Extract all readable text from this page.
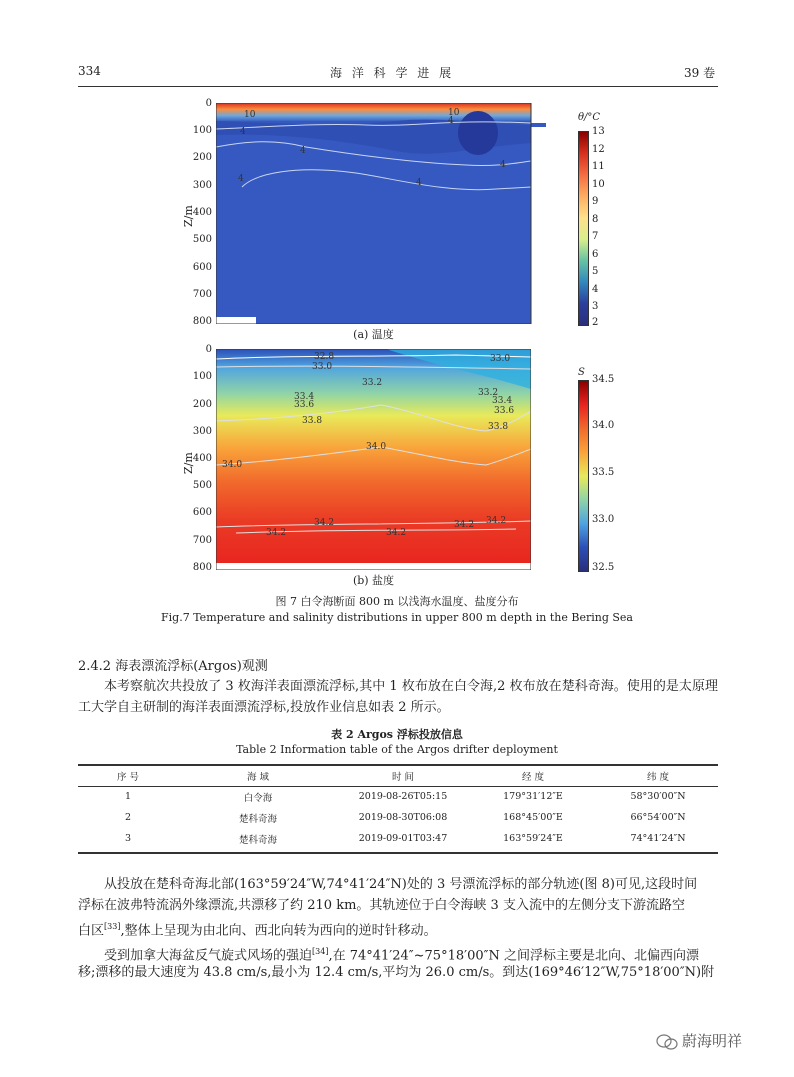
334	海 洋 科 学 进 展	39 卷
Z/m
0
100
200
300
400
500
600
700
800
10	10
4
4
4
4
4	4
θ/°C
13
12
11
10
9
8
7
6
5
4
3
2
(a) 温度
Z/m
0
100
200
300
400
500
600
700
800
32.8
33.0
33.0
33.2
33.4
33.6
33.8
33.2
33.4
33.6
33.8
34.0
34.0
34.2	34.2 34.2
34.2	34.2
S
34.5
34.0
33.5
33.0
32.5
(b) 盐度
图 7 白令海断面 800 m 以浅海水温度、盐度分布
Fig.7 Temperature and salinity distributions in upper 800 m depth in the Bering Sea
2.4.2 海表漂流浮标(Argos)观测
本考察航次共投放了 3 枚海洋表面漂流浮标,其中 1 枚布放在白令海,2 枚布放在楚科奇海。使用的是太原理工大学自主研制的海洋表面漂流浮标,投放作业信息如表 2 所示。
表 2 Argos 浮标投放信息
Table 2 Information table of the Argos drifter deployment
序 号	海 域	时 间	经 度	纬 度
1	白令海	2019-08-26T05:15	179°31′12″E	58°30′00″N
2	楚科奇海	2019-08-30T06:08	168°45′00″E	66°54′00″N
3	楚科奇海	2019-09-01T03:47	163°59′24″E	74°41′24″N
从投放在楚科奇海北部(163°59′24″W,74°41′24″N)处的 3 号漂流浮标的部分轨迹(图 8)可见,这段时间
浮标在波弗特流涡外缘漂流,共漂移了约 210 km。其轨迹位于白令海峡 3 支入流中的左侧分支下游流路空
白区[33],整体上呈现为由北向、西北向转为西向的逆时针移动。
受到加拿大海盆反气旋式风场的强迫[34],在 74°41′24″~75°18′00″N 之间浮标主要是北向、北偏西向漂
移;漂移的最大速度为 43.8 cm/s,最小为 12.4 cm/s,平均为 26.0 cm/s。到达(169°46′12″W,75°18′00″N)附
蔚海明祥
